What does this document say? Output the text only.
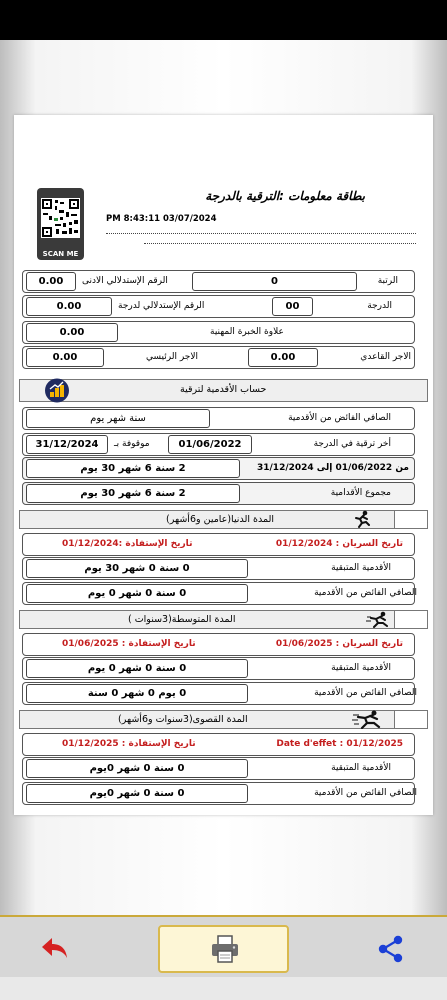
SCAN ME
بطاقة معلومات :الترقية بالدرجة
PM 8:43:11 03/07/2024
الرتبة
0
الرقم الإستدلالي الادنى
0.00
الدرجة
00
الرقم الإستدلالي لدرجة
0.00
علاوة الخبرة المهنية
0.00
الاجر القاعدي
0.00
الاجر الرئيسي
0.00
حساب الأقدمية لترقية
الصافي الفائض من الأقدمية
سنة شهر يوم
أخر ترقية في الدرجة
01/06/2022
موقوفة بـ
31/12/2024
من 01/06/2022 إلى 31/12/2024
2 سنة 6 شهر 30 يوم
مجموع الأقدامية
2 سنة 6 شهر 30 يوم
المدة الدنيا(عامين و6أشهر)
تاريخ السريان : 01/12/2024
تاريخ الإستفادة :01/12/2024
الأقدمية المتبقية
0 سنة 0 شهر 30 يوم
الصافي الفائض من الأقدمية
0 سنة 0 شهر 0 يوم
المدة المتوسطة(3سنوات )
تاريخ السريان : 01/06/2025
تاريخ الإستفادة : 01/06/2025
الأقدمية المتبقية
0 سنة 0 شهر 0 يوم
الصافي الفائض من الأقدمية
0 يوم 0 شهر 0 سنة
المدة القصوى(3سنوات و6أشهر)
Date d'effet : 01/12/2025
تاريخ الإستفادة : 01/12/2025
الأقدمية المتبقية
0 سنة 0 شهر 0يوم
الصافي الفائض من الأقدمية
0 سنة 0 شهر 0يوم
